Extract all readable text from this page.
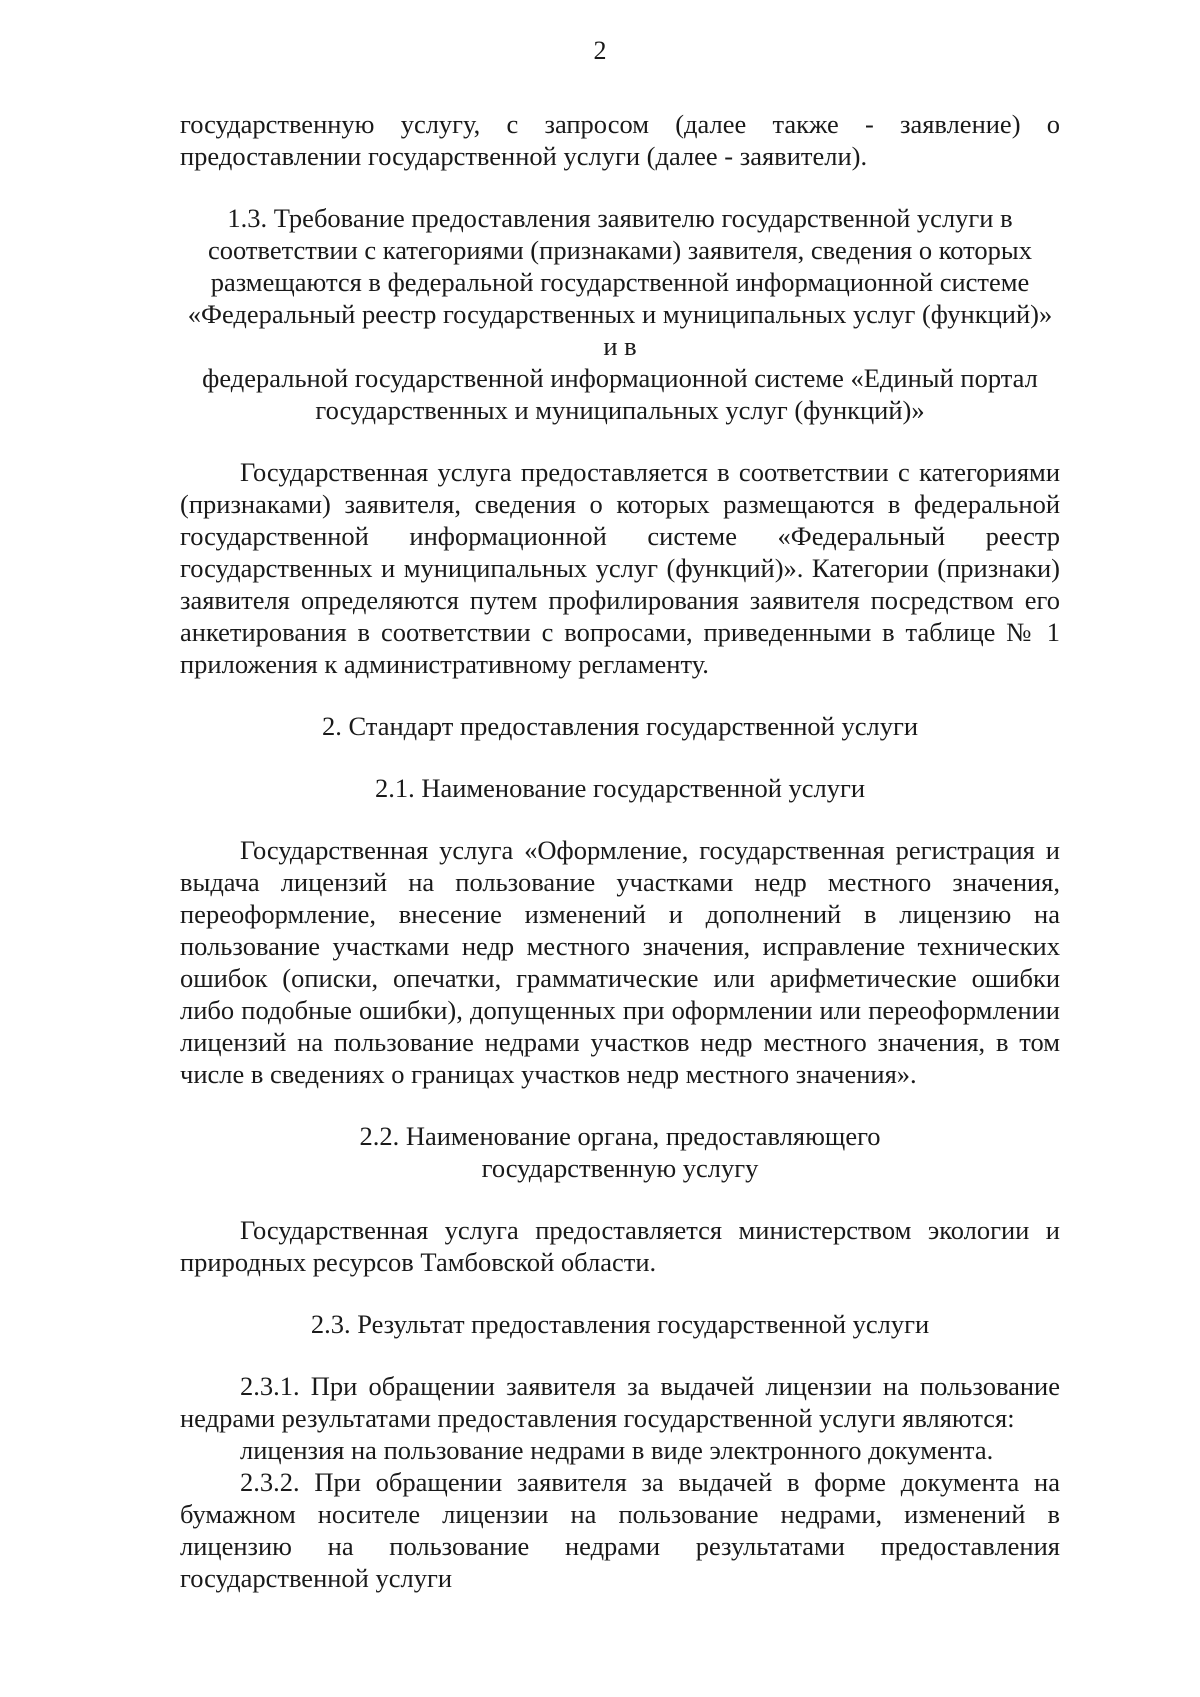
2

государственную услугу, с запросом (далее также - заявление) о предоставлении государственной услуги (далее - заявители).

1.3. Требование предоставления заявителю государственной услуги в
соответствии с категориями (признаками) заявителя, сведения о которых
размещаются в федеральной государственной информационной системе
«Федеральный реестр государственных и муниципальных услуг (функций)» и в
федеральной государственной информационной системе «Единый портал
государственных и муниципальных услуг (функций)»

Государственная услуга предоставляется в соответствии с категориями (признаками) заявителя, сведения о которых размещаются в федеральной государственной информационной системе «Федеральный реестр государственных и муниципальных услуг (функций)». Категории (признаки) заявителя определяются путем профилирования заявителя посредством его анкетирования в соответствии с вопросами, приведенными в таблице № 1 приложения к административному регламенту.

2. Стандарт предоставления государственной услуги
2.1. Наименование государственной услуги

Государственная услуга «Оформление, государственная регистрация и выдача лицензий на пользование участками недр местного значения, переоформление, внесение изменений и дополнений в лицензию на пользование участками недр местного значения, исправление технических ошибок (описки, опечатки, грамматические или арифметические ошибки либо подобные ошибки), допущенных при оформлении или переоформлении лицензий на пользование недрами участков недр местного значения, в том числе в сведениях о границах участков недр местного значения».

2.2. Наименование органа, предоставляющего
государственную услугу

Государственная услуга предоставляется министерством экологии и природных ресурсов Тамбовской области.

2.3. Результат предоставления государственной услуги

2.3.1. При обращении заявителя за выдачей лицензии на пользование недрами результатами предоставления государственной услуги являются:

лицензия на пользование недрами в виде электронного документа.

2.3.2. При обращении заявителя за выдачей в форме документа на бумажном носителе лицензии на пользование недрами, изменений в лицензию на пользование недрами результатами предоставления государственной услуги
